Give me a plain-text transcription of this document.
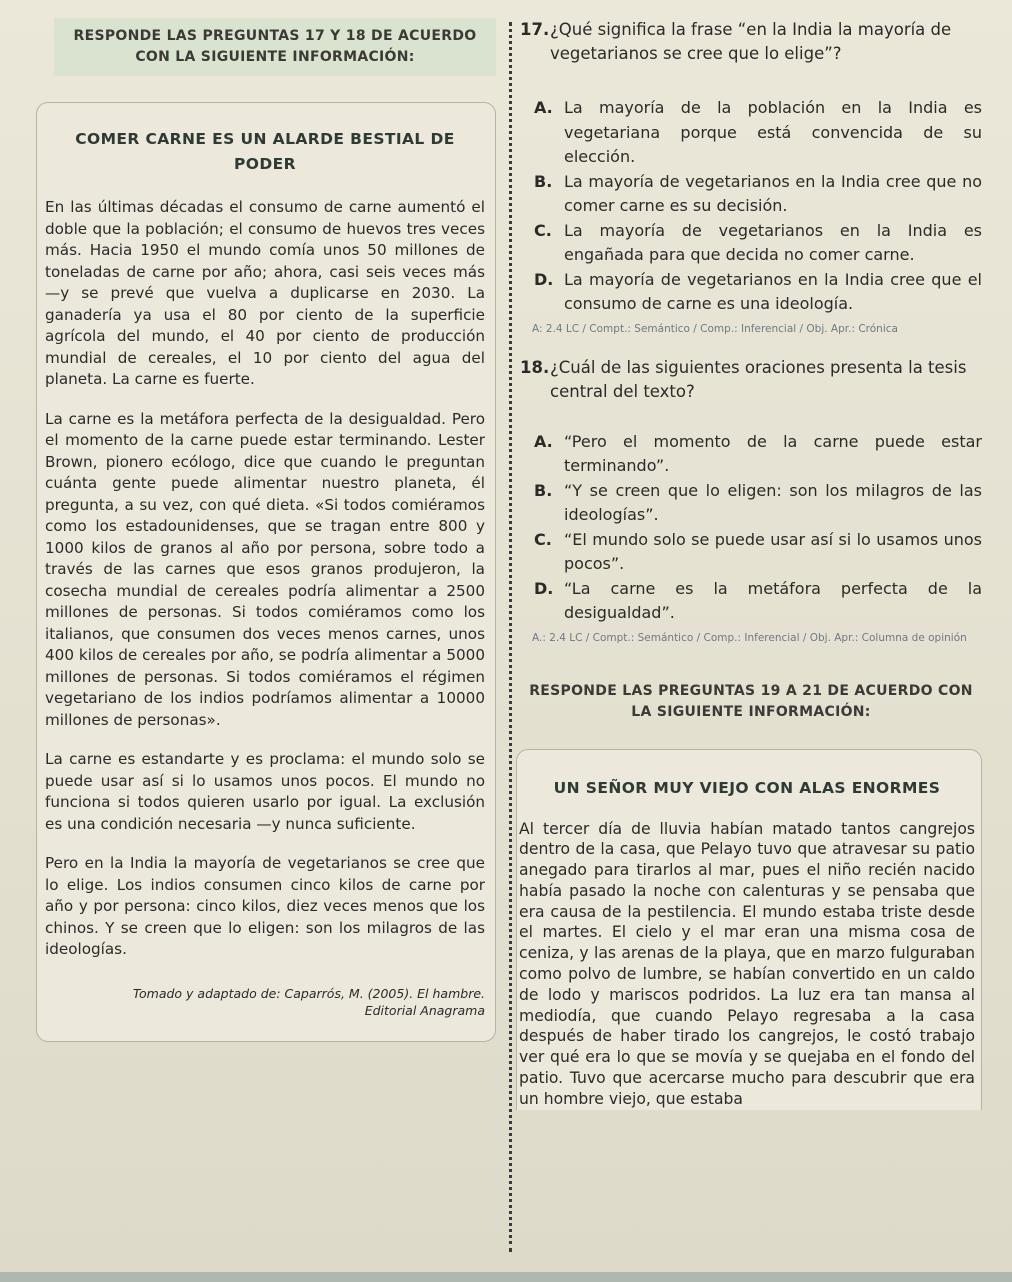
RESPONDE LAS PREGUNTAS 17 Y 18 DE ACUERDO CON LA SIGUIENTE INFORMACIÓN:
COMER CARNE ES UN ALARDE BESTIAL DE PODER

En las últimas décadas el consumo de carne aumentó el doble que la población; el consumo de huevos tres veces más. Hacia 1950 el mundo comía unos 50 millones de toneladas de carne por año; ahora, casi seis veces más —y se prevé que vuelva a duplicarse en 2030. La ganadería ya usa el 80 por ciento de la superficie agrícola del mundo, el 40 por ciento de producción mundial de cereales, el 10 por ciento del agua del planeta. La carne es fuerte.

La carne es la metáfora perfecta de la desigualdad. Pero el momento de la carne puede estar terminando. Lester Brown, pionero ecólogo, dice que cuando le preguntan cuánta gente puede alimentar nuestro planeta, él pregunta, a su vez, con qué dieta. «Si todos comiéramos como los estadounidenses, que se tragan entre 800 y 1000 kilos de granos al año por persona, sobre todo a través de las carnes que esos granos produjeron, la cosecha mundial de cereales podría alimentar a 2500 millones de personas. Si todos comiéramos como los italianos, que consumen dos veces menos carnes, unos 400 kilos de cereales por año, se podría alimentar a 5000 millones de personas. Si todos comiéramos el régimen vegetariano de los indios podríamos alimentar a 10000 millones de personas».

La carne es estandarte y es proclama: el mundo solo se puede usar así si lo usamos unos pocos. El mundo no funciona si todos quieren usarlo por igual. La exclusión es una condición necesaria —y nunca suficiente.

Pero en la India la mayoría de vegetarianos se cree que lo elige. Los indios consumen cinco kilos de carne por año y por persona: cinco kilos, diez veces menos que los chinos. Y se creen que lo eligen: son los milagros de las ideologías.

Tomado y adaptado de: Caparrós, M. (2005). El hambre.
Editorial Anagrama

17.¿Qué significa la frase “en la India la mayoría de vegetarianos se cree que lo elige”?

A. La mayoría de la población en la India es vegetariana porque está convencida de su elección.
B. La mayoría de vegetarianos en la India cree que no comer carne es su decisión.
C. La mayoría de vegetarianos en la India es engañada para que decida no comer carne.
D. La mayoría de vegetarianos en la India cree que el consumo de carne es una ideología.
A: 2.4 LC / Compt.: Semántico / Comp.: Inferencial / Obj. Apr.: Crónica

18.¿Cuál de las siguientes oraciones presenta la tesis central del texto?

A. “Pero el momento de la carne puede estar terminando”.
B. “Y se creen que lo eligen: son los milagros de las ideologías”.
C. “El mundo solo se puede usar así si lo usamos unos pocos”.
D. “La carne es la metáfora perfecta de la desigualdad”.
A.: 2.4 LC / Compt.: Semántico / Comp.: Inferencial / Obj. Apr.: Columna de opinión
RESPONDE LAS PREGUNTAS 19 A 21 DE ACUERDO CON LA SIGUIENTE INFORMACIÓN:
UN SEÑOR MUY VIEJO CON ALAS ENORMES

Al tercer día de lluvia habían matado tantos cangrejos dentro de la casa, que Pelayo tuvo que atravesar su patio anegado para tirarlos al mar, pues el niño recién nacido había pasado la noche con calenturas y se pensaba que era causa de la pestilencia. El mundo estaba triste desde el martes. El cielo y el mar eran una misma cosa de ceniza, y las arenas de la playa, que en marzo fulguraban como polvo de lumbre, se habían convertido en un caldo de lodo y mariscos podridos. La luz era tan mansa al mediodía, que cuando Pelayo regresaba a la casa después de haber tirado los cangrejos, le costó trabajo ver qué era lo que se movía y se quejaba en el fondo del patio. Tuvo que acercarse mucho para descubrir que era un hombre viejo, que estaba
